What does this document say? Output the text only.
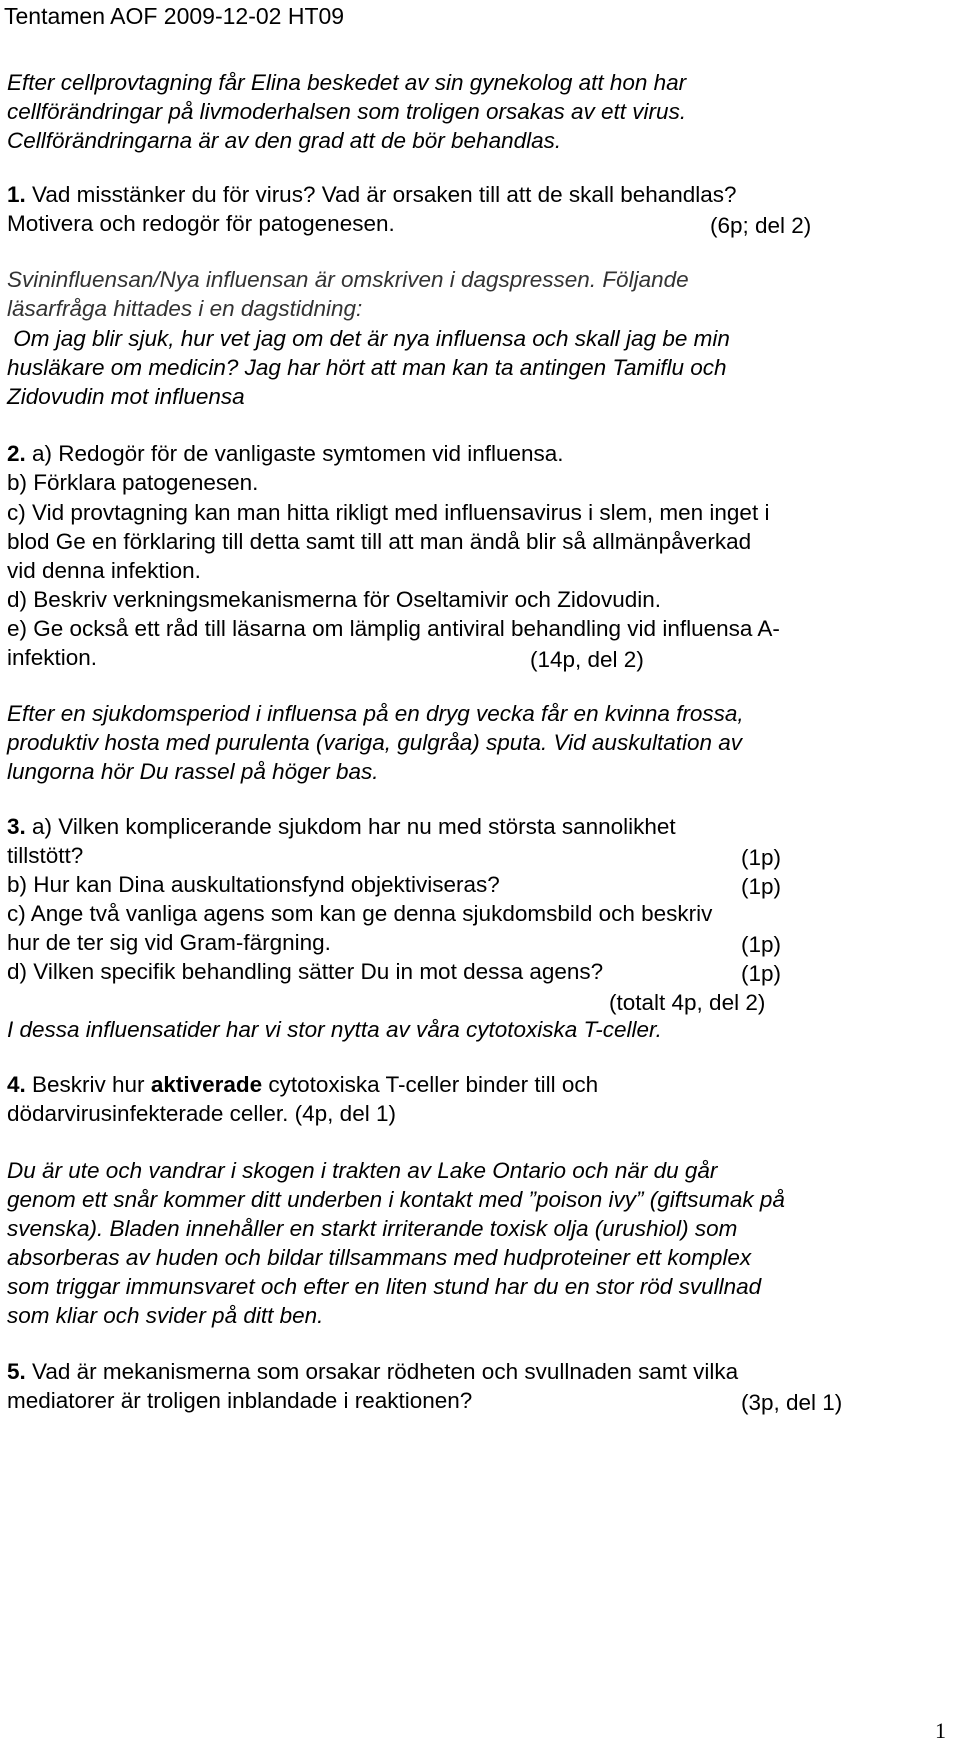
Tentamen AOF 2009-12-02 HT09
Efter cellprovtagning får Elina beskedet av sin gynekolog att hon har
cellförändringar på livmoderhalsen som troligen orsakas av ett virus.
Cellförändringarna är av den grad att de bör behandlas.
1. Vad misstänker du för virus? Vad är orsaken till att de skall behandlas?
Motivera och redogör för patogenesen.	(6p; del 2)
Svininfluensan/Nya influensan är omskriven i dagspressen. Följande
läsarfråga hittades i en dagstidning:
Om jag blir sjuk, hur vet jag om det är nya influensa och skall jag be min
husläkare om medicin? Jag har hört att man kan ta antingen Tamiflu och
Zidovudin mot influensa
2. a) Redogör för de vanligaste symtomen vid influensa.
b) Förklara patogenesen.
c) Vid provtagning kan man hitta rikligt med influensavirus i slem, men inget i
blod Ge en förklaring till detta samt till att man ändå blir så allmänpåverkad
vid denna infektion.
d) Beskriv verkningsmekanismerna för Oseltamivir och Zidovudin.
e) Ge också ett råd till läsarna om lämplig antiviral behandling vid influensa A-
infektion.	(14p, del 2)
Efter en sjukdomsperiod i influensa på en dryg vecka får en kvinna frossa,
produktiv hosta med purulenta (variga, gulgråa) sputa. Vid auskultation av
lungorna hör Du rassel på höger bas.
3. a) Vilken komplicerande sjukdom har nu med största sannolikhet
tillstött?	(1p)
b) Hur kan Dina auskultationsfynd objektiviseras?	(1p)
c) Ange två vanliga agens som kan ge denna sjukdomsbild och beskriv
hur de ter sig vid Gram-färgning.	(1p)
d) Vilken specifik behandling sätter Du in mot dessa agens?	(1p)
(totalt 4p, del 2)
I dessa influensatider har vi stor nytta av våra cytotoxiska T-celler.
4. Beskriv hur aktiverade cytotoxiska T-celler binder till och
dödarvirusinfekterade celler. (4p, del 1)
Du är ute och vandrar i skogen i trakten av Lake Ontario och när du går
genom ett snår kommer ditt underben i kontakt med ”poison ivy” (giftsumak på
svenska). Bladen innehåller en starkt irriterande toxisk olja (urushiol) som
absorberas av huden och bildar tillsammans med hudproteiner ett komplex
som triggar immunsvaret och efter en liten stund har du en stor röd svullnad
som kliar och svider på ditt ben.
5. Vad är mekanismerna som orsakar rödheten och svullnaden samt vilka
mediatorer är troligen inblandade i reaktionen?	(3p, del 1)
1
